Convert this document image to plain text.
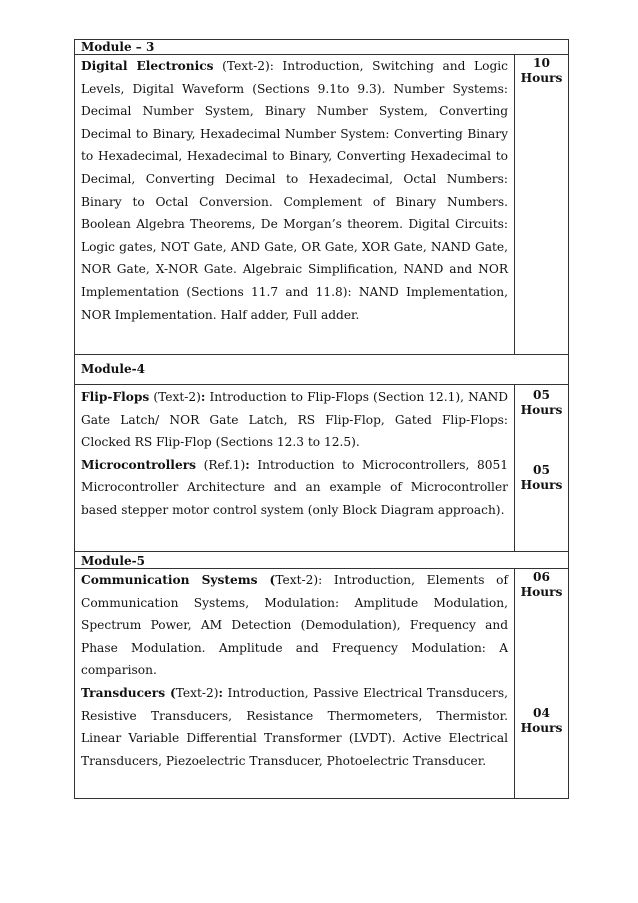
Module – 3

Digital Electronics (Text-2): Introduction, Switching and Logic Levels, Digital Waveform (Sections 9.1to 9.3). Number Systems: Decimal Number System, Binary Number System, Converting Decimal to Binary, Hexadecimal Number System: Converting Binary to Hexadecimal, Hexadecimal to Binary, Converting Hexadecimal to Decimal, Converting Decimal to Hexadecimal, Octal Numbers: Binary to Octal Conversion. Complement of Binary Numbers. Boolean Algebra Theorems, De Morgan’s theorem. Digital Circuits: Logic gates, NOT Gate, AND Gate, OR Gate, XOR Gate, NAND Gate, NOR Gate, X-NOR Gate. Algebraic Simplification, NAND and NOR Implementation (Sections 11.7 and 11.8): NAND Implementation, NOR Implementation. Half adder, Full adder.

10
Hours
Module-4

Flip-Flops (Text-2): Introduction to Flip-Flops (Section 12.1), NAND Gate Latch/ NOR Gate Latch, RS Flip-Flop, Gated Flip-Flops: Clocked RS Flip-Flop (Sections 12.3 to 12.5).

Microcontrollers (Ref.1): Introduction to Microcontrollers, 8051 Microcontroller Architecture and an example of Microcontroller based stepper motor control system (only Block Diagram approach).

05
Hours
05
Hours
Module-5

Communication Systems (Text-2): Introduction, Elements of Communication Systems, Modulation: Amplitude Modulation, Spectrum Power, AM Detection (Demodulation), Frequency and Phase Modulation. Amplitude and Frequency Modulation: A comparison.

Transducers (Text-2): Introduction, Passive Electrical Transducers, Resistive Transducers, Resistance Thermometers, Thermistor. Linear Variable Differential Transformer (LVDT). Active Electrical Transducers, Piezoelectric Transducer, Photoelectric Transducer.

06
Hours
04
Hours
